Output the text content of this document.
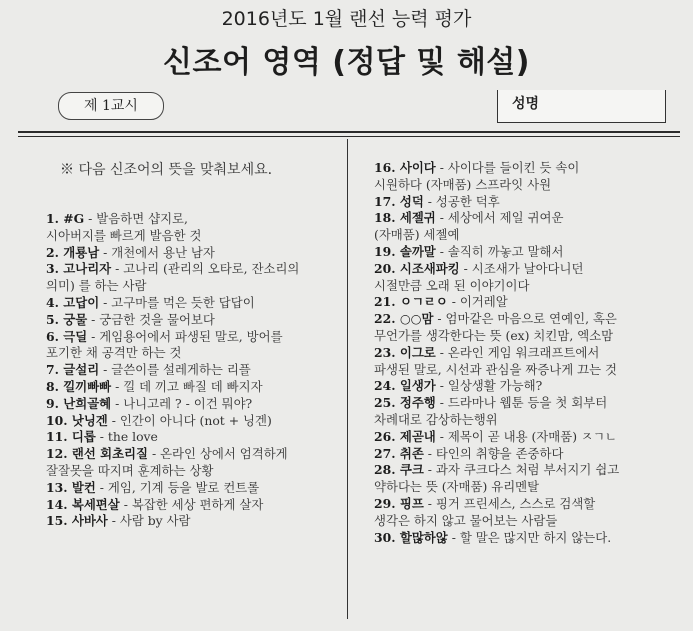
2016년도 1월 랜선 능력 평가
신조어 영역 (정답 및 해설)
제 1교시	성명
※ 다음 신조어의 뜻을 맞춰보세요.
1. #G - 발음하면 샵지로,
시아버지를 빠르게 발음한 것
2. 개룡남 - 개천에서 용난 남자
3. 고나리자 - 고나리 (관리의 오타로, 잔소리의
의미) 를 하는 사람
4. 고답이 - 고구마를 먹은 듯한 답답이
5. 궁물 - 궁금한 것을 물어보다
6. 극딜 - 게임용어에서 파생된 말로, 방어를
포기한 채 공격만 하는 것
7. 글설리 - 글쓴이를 설레게하는 리플
8. 낄끼빠빠 - 낄 데 끼고 빠질 데 빠지자
9. 난희골혜 - 나니고레 ? - 이건 뭐야?
10. 낫닝겐 - 인간이 아니다 (not + 닝겐)
11. 디롭 - the love
12. 랜선 회초리질 - 온라인 상에서 엄격하게
잘잘못을 따지며 훈계하는 상황
13. 발컨 - 게임, 기계 등을 발로 컨트롤
14. 복세편살 - 복잡한 세상 편하게 살자
15. 사바사 - 사람 by 사람
16. 사이다 - 사이다를 들이킨 듯 속이
시원하다 (자매품) 스프라잇 사원
17. 성덕 - 성공한 덕후
18. 세젤귀 - 세상에서 제일 귀여운
(자매품) 세젤예
19. 솔까말 - 솔직히 까놓고 말해서
20. 시조새파킹 - 시조새가 날아다니던
시절만큼 오래 된 이야기이다
21. ㅇㄱㄹㅇ - 이거레알
22. ○○맘 - 엄마같은 마음으로 연예인, 혹은
무언가를 생각한다는 뜻 (ex) 치킨맘, 엑소맘
23. 이그로 - 온라인 게임 워크래프트에서
파생된 말로, 시선과 관심을 짜증나게 끄는 것
24. 일생가 - 일상생활 가능해?
25. 정주행 - 드라마나 웹툰 등을 첫 회부터
차례대로 감상하는행위
26. 제곧내 - 제목이 곧 내용 (자매품) ㅈㄱㄴ
27. 취존 - 타인의 취향을 존중하다
28. 쿠크 - 과자 쿠크다스 처럼 부서지기 쉽고
약하다는 뜻 (자매품) 유리멘탈
29. 핑프 - 핑거 프린세스, 스스로 검색할
생각은 하지 않고 물어보는 사람들
30. 할많하않 - 할 말은 많지만 하지 않는다.
